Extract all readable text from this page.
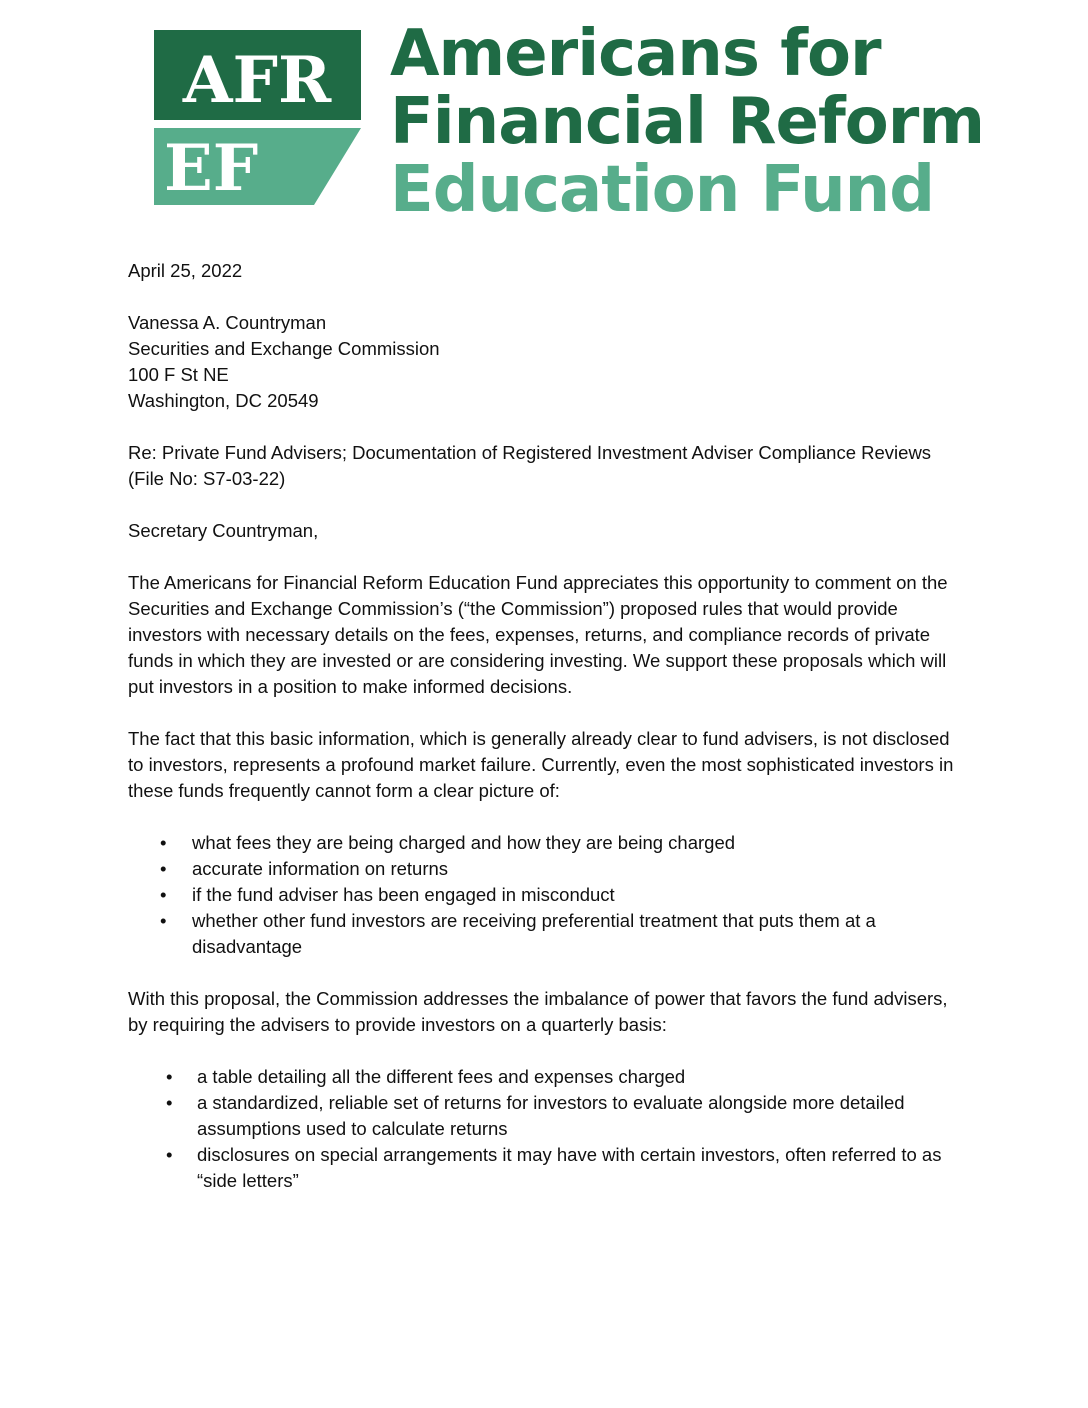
AFR
EF
Americans for
Financial Reform
Education Fund

April 25, 2022

Vanessa A. Countryman
Securities and Exchange Commission
100 F St NE
Washington, DC 20549

Re: Private Fund Advisers; Documentation of Registered Investment Adviser Compliance Reviews (File No: S7-03-22)

Secretary Countryman,

The Americans for Financial Reform Education Fund appreciates this opportunity to comment on the Securities and Exchange Commission’s (“the Commission”) proposed rules that would provide investors with necessary details on the fees, expenses, returns, and compliance records of private funds in which they are invested or are considering investing. We support these proposals which will put investors in a position to make informed decisions.

The fact that this basic information, which is generally already clear to fund advisers, is not disclosed to investors, represents a profound market failure. Currently, even the most sophisticated investors in these funds frequently cannot form a clear picture of:

• what fees they are being charged and how they are being charged
• accurate information on returns
• if the fund adviser has been engaged in misconduct
• whether other fund investors are receiving preferential treatment that puts them at a disadvantage

With this proposal, the Commission addresses the imbalance of power that favors the fund advisers, by requiring the advisers to provide investors on a quarterly basis:

• a table detailing all the different fees and expenses charged
• a standardized, reliable set of returns for investors to evaluate alongside more detailed assumptions used to calculate returns
• disclosures on special arrangements it may have with certain investors, often referred to as “side letters”
